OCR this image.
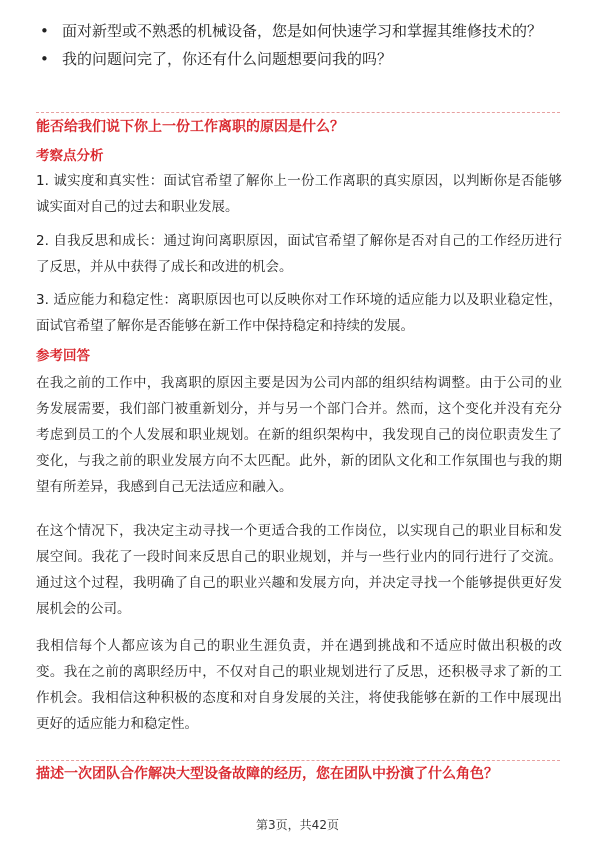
• 面对新型或不熟悉的机械设备，您是如何快速学习和掌握其维修技术的？
• 我的问题问完了，你还有什么问题想要问我的吗？
能否给我们说下你上一份工作离职的原因是什么？
考察点分析
1. 诚实度和真实性：面试官希望了解你上一份工作离职的真实原因，以判断你是否能够诚实面对自己的过去和职业发展。
2. 自我反思和成长：通过询问离职原因，面试官希望了解你是否对自己的工作经历进行了反思，并从中获得了成长和改进的机会。
3. 适应能力和稳定性：离职原因也可以反映你对工作环境的适应能力以及职业稳定性，面试官希望了解你是否能够在新工作中保持稳定和持续的发展。
参考回答
在我之前的工作中，我离职的原因主要是因为公司内部的组织结构调整。由于公司的业务发展需要，我们部门被重新划分，并与另一个部门合并。然而，这个变化并没有充分考虑到员工的个人发展和职业规划。在新的组织架构中，我发现自己的岗位职责发生了变化，与我之前的职业发展方向不太匹配。此外，新的团队文化和工作氛围也与我的期望有所差异，我感到自己无法适应和融入。
在这个情况下，我决定主动寻找一个更适合我的工作岗位，以实现自己的职业目标和发展空间。我花了一段时间来反思自己的职业规划，并与一些行业内的同行进行了交流。通过这个过程，我明确了自己的职业兴趣和发展方向，并决定寻找一个能够提供更好发展机会的公司。
我相信每个人都应该为自己的职业生涯负责，并在遇到挑战和不适应时做出积极的改变。我在之前的离职经历中，不仅对自己的职业规划进行了反思，还积极寻求了新的工作机会。我相信这种积极的态度和对自身发展的关注，将使我能够在新的工作中展现出更好的适应能力和稳定性。
描述一次团队合作解决大型设备故障的经历，您在团队中扮演了什么角色？
第3页，共42页
